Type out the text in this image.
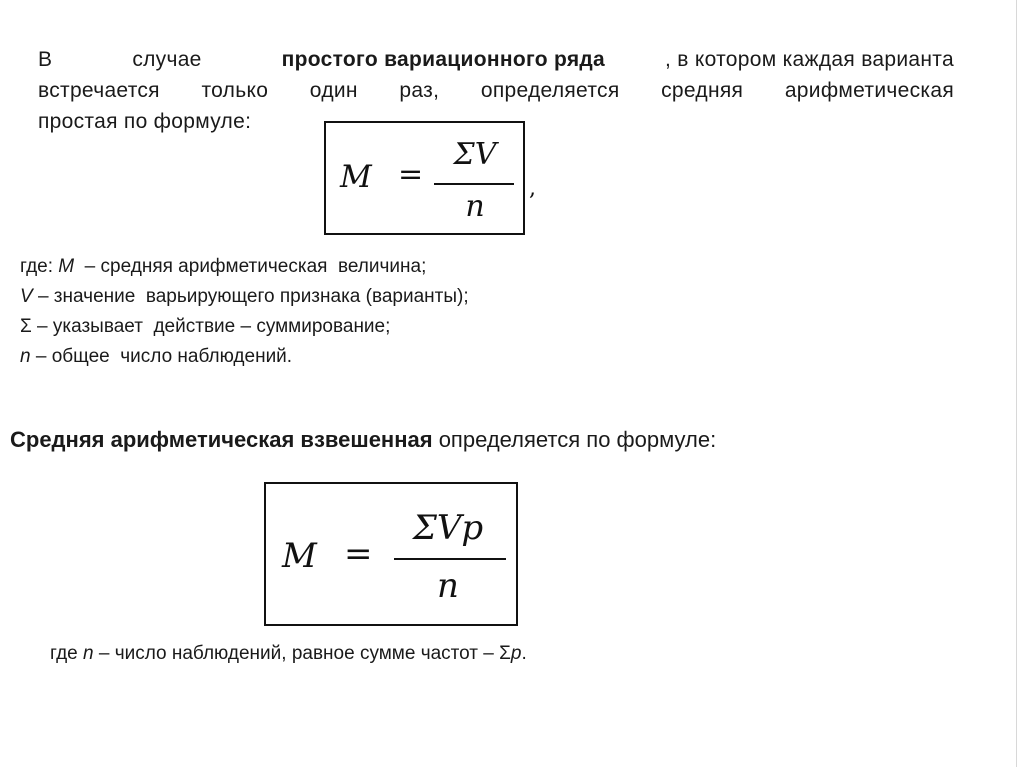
В	случае	простого вариационного ряда	, в котором каждая варианта
встречается только один раз, определяется средняя арифметическая
простая по формуле:
M =
ΣV
n
,
где: М  – средняя арифметическая  величина;
V – значение  варьирующего признака (варианты);
Σ – указывает  действие – суммирование;
n – общее  число наблюдений.
Средняя арифметическая взвешенная определяется по формуле:
M =
ΣVp
n
где n – число наблюдений, равное сумме частот – Σp.
